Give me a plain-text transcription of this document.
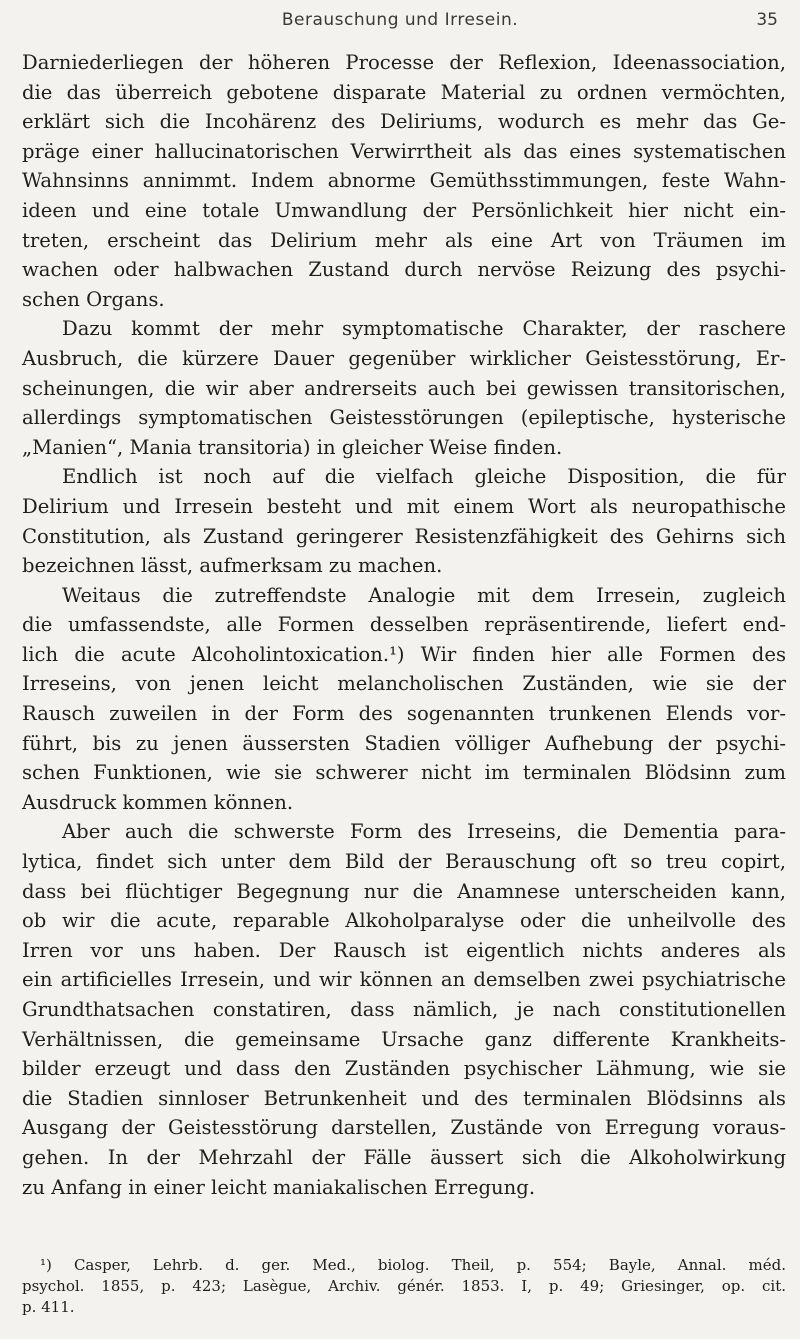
Berauschung und Irresein.	35
Darniederliegen der höheren Processe der Reflexion, Ideenassociation,
die das überreich gebotene disparate Material zu ordnen vermöchten,
erklärt sich die Incohärenz des Deliriums, wodurch es mehr das Ge-
präge einer hallucinatorischen Verwirrtheit als das eines systematischen
Wahnsinns annimmt. Indem abnorme Gemüthsstimmungen, feste Wahn-
ideen und eine totale Umwandlung der Persönlichkeit hier nicht ein-
treten, erscheint das Delirium mehr als eine Art von Träumen im
wachen oder halbwachen Zustand durch nervöse Reizung des psychi-
schen Organs.
Dazu kommt der mehr symptomatische Charakter, der raschere
Ausbruch, die kürzere Dauer gegenüber wirklicher Geistesstörung, Er-
scheinungen, die wir aber andrerseits auch bei gewissen transitorischen,
allerdings symptomatischen Geistesstörungen (epileptische, hysterische
„Manien“, Mania transitoria) in gleicher Weise finden.
Endlich ist noch auf die vielfach gleiche Disposition, die für
Delirium und Irresein besteht und mit einem Wort als neuropathische
Constitution, als Zustand geringerer Resistenzfähigkeit des Gehirns sich
bezeichnen lässt, aufmerksam zu machen.
Weitaus die zutreffendste Analogie mit dem Irresein, zugleich
die umfassendste, alle Formen desselben repräsentirende, liefert end-
lich die acute Alcoholintoxication.¹) Wir finden hier alle Formen des
Irreseins, von jenen leicht melancholischen Zuständen, wie sie der
Rausch zuweilen in der Form des sogenannten trunkenen Elends vor-
führt, bis zu jenen äussersten Stadien völliger Aufhebung der psychi-
schen Funktionen, wie sie schwerer nicht im terminalen Blödsinn zum
Ausdruck kommen können.
Aber auch die schwerste Form des Irreseins, die Dementia para-
lytica, findet sich unter dem Bild der Berauschung oft so treu copirt,
dass bei flüchtiger Begegnung nur die Anamnese unterscheiden kann,
ob wir die acute, reparable Alkoholparalyse oder die unheilvolle des
Irren vor uns haben. Der Rausch ist eigentlich nichts anderes als
ein artificielles Irresein, und wir können an demselben zwei psychiatrische
Grundthatsachen constatiren, dass nämlich, je nach constitutionellen
Verhältnissen, die gemeinsame Ursache ganz differente Krankheits-
bilder erzeugt und dass den Zuständen psychischer Lähmung, wie sie
die Stadien sinnloser Betrunkenheit und des terminalen Blödsinns als
Ausgang der Geistesstörung darstellen, Zustände von Erregung voraus-
gehen. In der Mehrzahl der Fälle äussert sich die Alkoholwirkung
zu Anfang in einer leicht maniakalischen Erregung.
¹) Casper, Lehrb. d. ger. Med., biolog. Theil, p. 554; Bayle, Annal. méd.
psychol. 1855, p. 423; Lasègue, Archiv. génér. 1853. I, p. 49; Griesinger, op. cit.
p. 411.
